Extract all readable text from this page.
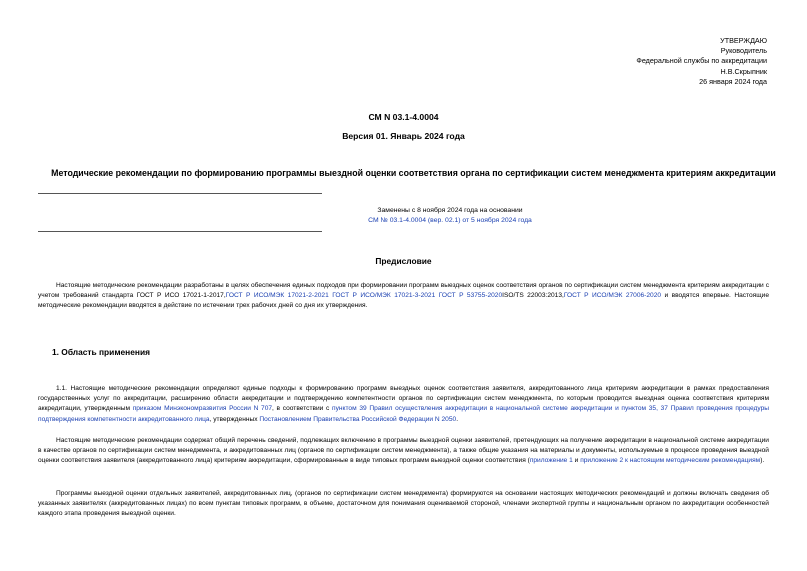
УТВЕРЖДАЮ
Руководитель
Федеральной службы по аккредитации
Н.В.Скрыпник
26 января 2024 года
СМ N 03.1-4.0004
Версия 01. Январь 2024 года
Методические рекомендации по формированию программы выездной оценки соответствия органа по сертификации систем менеджмента критериям аккредитации
Заменены с 8 ноября 2024 года на основании
СМ № 03.1-4.0004 (вер. 02.1) от 5 ноября 2024 года
Предисловие
Настоящие методические рекомендации разработаны в целях обеспечения единых подходов при формировании программ выездных оценок соответствия органов по сертификации систем менеджмента критериям аккредитации с учетом требований стандарта ГОСТ Р ИСО 17021-1-2017,ГОСТ Р ИСО/МЭК 17021-2-2021 ГОСТ Р ИСО/МЭК 17021-3-2021 ГОСТ Р 53755-2020ISO/TS 22003:2013,ГОСТ Р ИСО/МЭК 27006-2020 и вводятся впервые. Настоящие методические рекомендации вводятся в действие по истечении трех рабочих дней со дня их утверждения.
1. Область применения
1.1. Настоящие методические рекомендации определяют единые подходы к формированию программ выездных оценок соответствия заявителя, аккредитованного лица критериям аккредитации в рамках предоставления государственных услуг по аккредитации, расширению области аккредитации и подтверждению компетентности органов по сертификации систем менеджмента, по которым проводится выездная оценка соответствия критериям аккредитации, утвержденным приказом Минэкономразвития России N 707, в соответствии с пунктом 39 Правил осуществления аккредитации в национальной системе аккредитации и пунктом 35, 37 Правил проведения процедуры подтверждения компетентности аккредитованного лица, утвержденных Постановлением Правительства Российской Федерации N 2050.
Настоящие методические рекомендации содержат общий перечень сведений, подлежащих включению в программы выездной оценки заявителей, претендующих на получение аккредитации в национальной системе аккредитации в качестве органов по сертификации систем менеджмента, и аккредитованных лиц (органов по сертификации систем менеджмента), а также общие указания на материалы и документы, используемые в процессе проведения выездной оценки соответствия заявителя (аккредитованного лица) критериям аккредитации, сформированные в виде типовых программ выездной оценки соответствия (приложение 1 и приложение 2 к настоящим методическим рекомендациям).
Программы выездной оценки отдельных заявителей, аккредитованных лиц, (органов по сертификации систем менеджмента) формируются на основании настоящих методических рекомендаций и должны включать сведения об указанных заявителях (аккредитованных лицах) по всем пунктам типовых программ, в объеме, достаточном для понимания оцениваемой стороной, членами экспертной группы и национальным органом по аккредитации особенностей каждого этапа проведения выездной оценки.
